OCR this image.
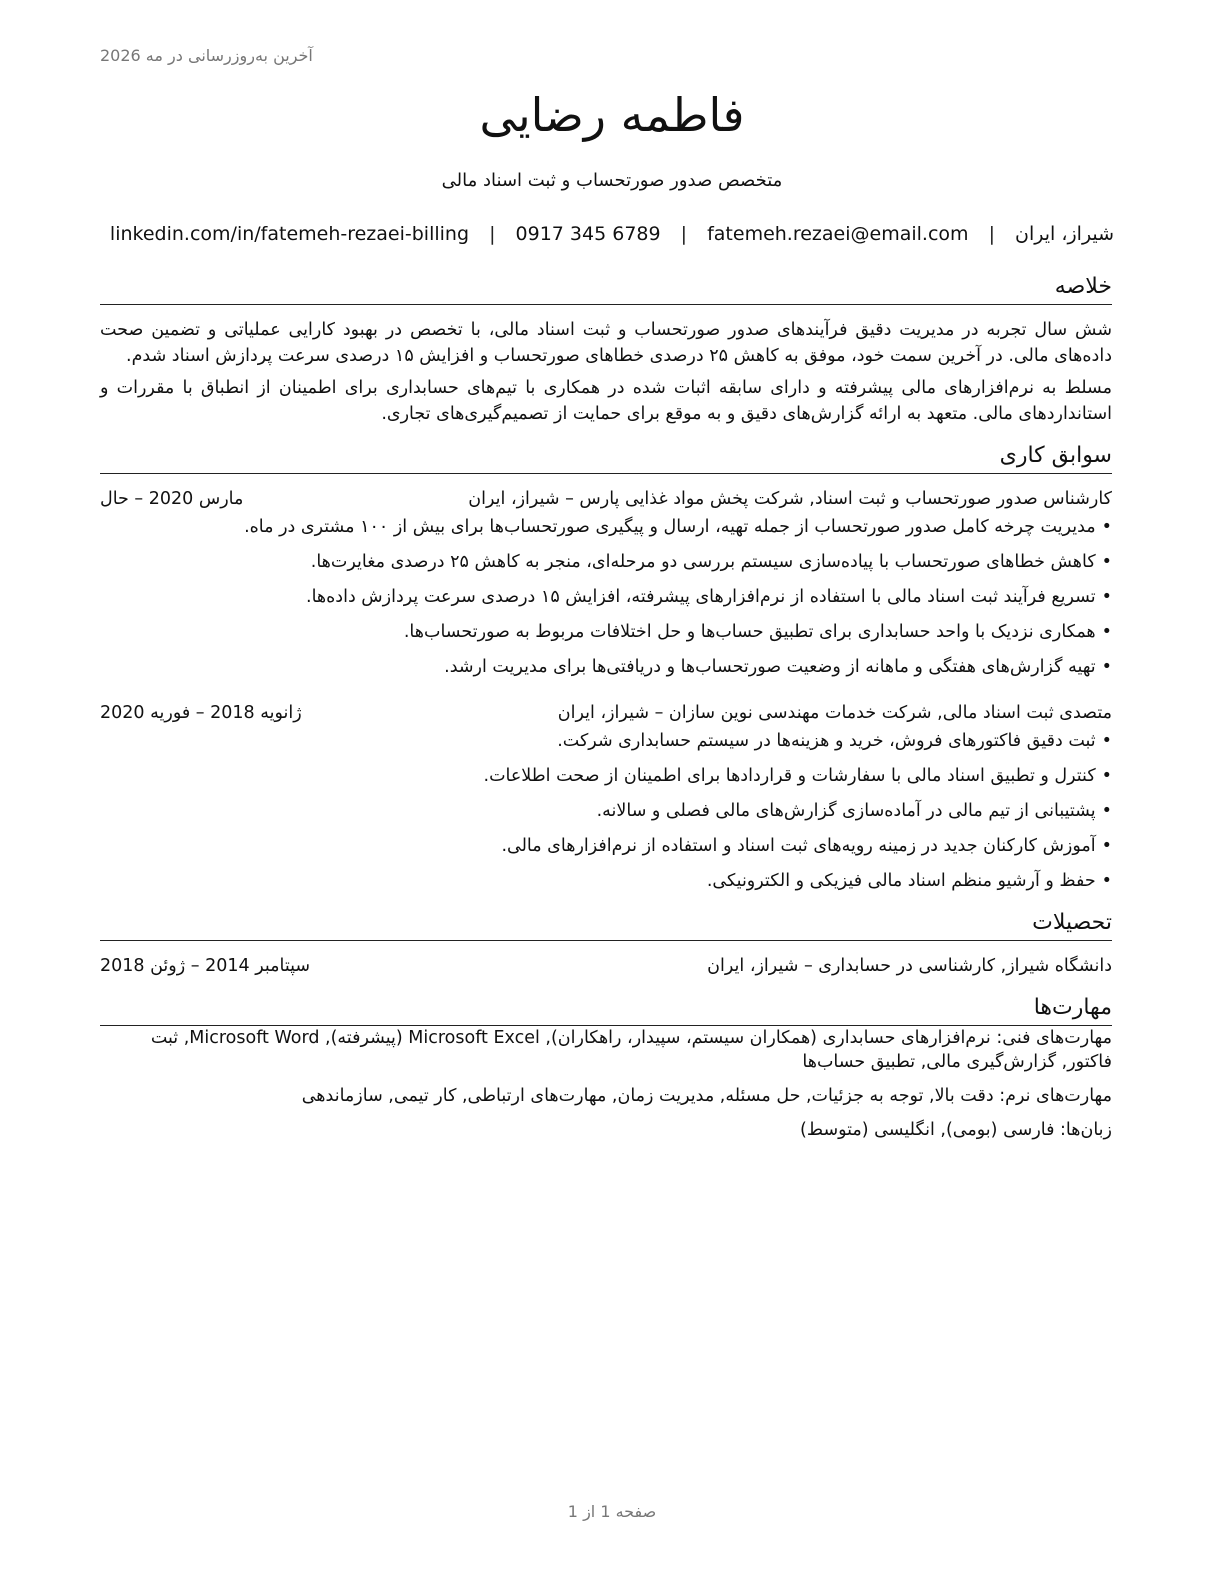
آخرین به‌روزرسانی در مه 2026
فاطمه رضایی
متخصص صدور صورتحساب و ثبت اسناد مالی
شیراز، ایران | fatemeh.rezaei@email.com | 0917 345 6789 | linkedin.com/in/fatemeh-rezaei-billing
خلاصه

شش سال تجربه در مدیریت دقیق فرآیندهای صدور صورتحساب و ثبت اسناد مالی، با تخصص در بهبود کارایی عملیاتی و تضمین صحت داده‌های مالی. در آخرین سمت خود، موفق به کاهش ۲۵ درصدی خطاهای صورتحساب و افزایش ۱۵ درصدی سرعت پردازش اسناد شدم.

مسلط به نرم‌افزارهای مالی پیشرفته و دارای سابقه اثبات شده در همکاری با تیم‌های حسابداری برای اطمینان از انطباق با مقررات و استانداردهای مالی. متعهد به ارائه گزارش‌های دقیق و به موقع برای حمایت از تصمیم‌گیری‌های تجاری.

سوابق کاری
کارشناس صدور صورتحساب و ثبت اسناد, شرکت پخش مواد غذایی پارس – شیراز، ایران
مارس 2020 – حال
•مدیریت چرخه کامل صدور صورتحساب از جمله تهیه، ارسال و پیگیری صورتحساب‌ها برای بیش از ۱۰۰ مشتری در ماه.
•کاهش خطاهای صورتحساب با پیاده‌سازی سیستم بررسی دو مرحله‌ای، منجر به کاهش ۲۵ درصدی مغایرت‌ها.
•تسریع فرآیند ثبت اسناد مالی با استفاده از نرم‌افزارهای پیشرفته، افزایش ۱۵ درصدی سرعت پردازش داده‌ها.
•همکاری نزدیک با واحد حسابداری برای تطبیق حساب‌ها و حل اختلافات مربوط به صورتحساب‌ها.
•تهیه گزارش‌های هفتگی و ماهانه از وضعیت صورتحساب‌ها و دریافتی‌ها برای مدیریت ارشد.
متصدی ثبت اسناد مالی, شرکت خدمات مهندسی نوین سازان – شیراز، ایران
ژانویه 2018 – فوریه 2020
•ثبت دقیق فاکتورهای فروش، خرید و هزینه‌ها در سیستم حسابداری شرکت.
•کنترل و تطبیق اسناد مالی با سفارشات و قراردادها برای اطمینان از صحت اطلاعات.
•پشتیبانی از تیم مالی در آماده‌سازی گزارش‌های مالی فصلی و سالانه.
•آموزش کارکنان جدید در زمینه رویه‌های ثبت اسناد و استفاده از نرم‌افزارهای مالی.
•حفظ و آرشیو منظم اسناد مالی فیزیکی و الکترونیکی.
تحصیلات
دانشگاه شیراز, کارشناسی در حسابداری – شیراز، ایران
سپتامبر 2014 – ژوئن 2018
مهارت‌ها

مهارت‌های فنی: نرم‌افزارهای حسابداری (همکاران سیستم، سپیدار، راهکاران), Microsoft Excel (پیشرفته), Microsoft Word, ثبت فاکتور, گزارش‌گیری مالی, تطبیق حساب‌ها

مهارت‌های نرم: دقت بالا, توجه به جزئیات, حل مسئله, مدیریت زمان, مهارت‌های ارتباطی, کار تیمی, سازماندهی

زبان‌ها: فارسی (بومی), انگلیسی (متوسط)

صفحه 1 از 1
